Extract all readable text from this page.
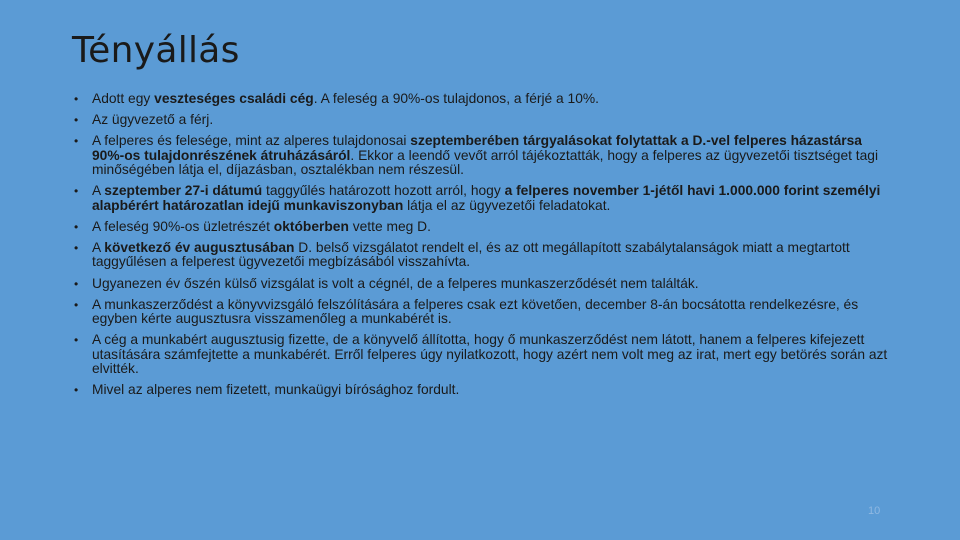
Tényállás
• Adott egy veszteséges családi cég. A feleség a 90%-os tulajdonos, a férjé a 10%.
• Az ügyvezető a férj.
• A felperes és felesége, mint az alperes tulajdonosai szeptemberében tárgyalásokat folytattak a D.-vel felperes házastársa 90%-os tulajdonrészének átruházásáról. Ekkor a leendő vevőt arról tájékoztatták, hogy a felperes az ügyvezetői tisztséget tagi minőségében látja el, díjazásban, osztalékban nem részesül.
• A szeptember 27-i dátumú taggyűlés határozott hozott arról, hogy a felperes november 1-jétől havi 1.000.000 forint személyi alapbérért határozatlan idejű munkaviszonyban látja el az ügyvezetői feladatokat.
• A feleség 90%-os üzletrészét októberben vette meg D.
• A következő év augusztusában D. belső vizsgálatot rendelt el, és az ott megállapított szabálytalanságok miatt a megtartott taggyűlésen a felperest ügyvezetői megbízásából visszahívta.
• Ugyanezen év őszén külső vizsgálat is volt a cégnél, de a felperes munkaszerződését nem találták.
• A munkaszerződést a könyvvizsgáló felszólítására a felperes csak ezt követően, december 8-án bocsátotta rendelkezésre, és egyben kérte augusztusra visszamenőleg a munkabérét is.
• A cég a munkabért augusztusig fizette, de a könyvelő állította, hogy ő munkaszerződést nem látott, hanem a felperes kifejezett utasítására számfejtette a munkabérét. Erről felperes úgy nyilatkozott, hogy azért nem volt meg az irat, mert egy betörés során azt elvitték.
• Mivel az alperes nem fizetett, munkaügyi bírósághoz fordult.
10
